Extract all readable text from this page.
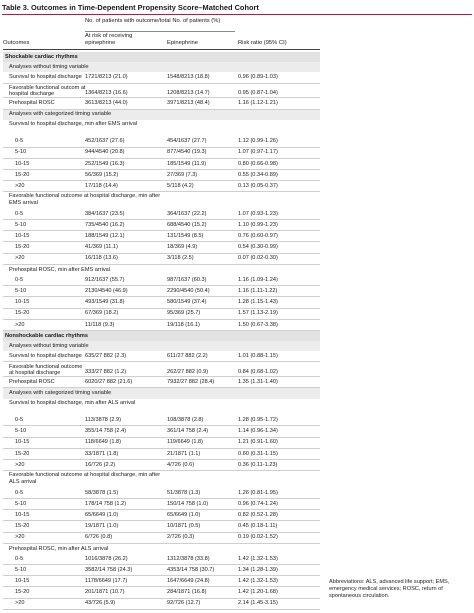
Table 3. Outcomes in Time-Dependent Propensity Score–Matched Cohort
No. of patients with outcome/total No. of patients (%)
At risk of receiving epinephrine
Outcomes	Epinephrine	Risk ratio (95% CI)
Shockable cardiac rhythms
Analyses without timing variable
Survival to hospital discharge 1721/8213 (21.0)	1548/8213 (18.8)	0.96 (0.89-1.03)
Favorable functional outcom at hospital discharge	1364/8213 (16.6)	1208/8213 (14.7)	0.95 (0.87-1.04)
Prehospital ROSC	3613/8213 (44.0)	3971/8213 (48.4)	1.16 (1.12-1.21)
Analyses with categorized timing variable
Survival to hospital discharge, min after EMS arrival
0-5	452/1637 (27.6)	454/1637 (27.7)	1.12 (0.99-1.26)
5-10	944/4540 (20.8)	877/4540 (19.3)	1.07 (0.97-1.17)
10-15	252/1549 (16.3)	185/1549 (11.9)	0.80 (0.66-0.98)
15-20	56/369 (15.2)	27/369 (7.3)	0.55 (0.34-0.89)
>20	17/118 (14.4)	5/118 (4.2)	0.13 (0.05-0.37)
Favorable functional outcome at hospital discharge, min after EMS arrival
0-5	384/1637 (23.5)	364/1637 (22.2)	1.07 (0.93-1.23)
5-10	735/4540 (16.2)	688/4540 (15.2)	1.10 (0.99-1.23)
10-15	188/1549 (12.1)	131/1549 (8.5)	0.76 (0.60-0.97)
15-20	41/369 (11.1)	18/369 (4.9)	0.54 (0.30-0.99)
>20	16/118 (13.6)	3/118 (2.5)	0.07 (0.02-0.30)
Prehospital ROSC, min after EMS arrival
0-5	912/1637 (55.7)	987/1637 (60.3)	1.16 (1.09-1.24)
5-10	2130/4540 (46.9)	2290/4540 (50.4)	1.16 (1.11-1.22)
10-15	493/1549 (31.8)	580/1549 (37.4)	1.28 (1.15-1.43)
15-20	67/369 (18.2)	95/369 (25.7)	1.57 (1.13-2.19)
>20	11/118 (9.3)	19/118 (16.1)	1.50 (0.67-3.38)
Nonshockable cardiac rhythms
Analyses without timing variable
Survival to hospital discharge 635/27 882 (2.3)	611/27 882 (2.2)	1.01 (0.88-1.15)
Favorable functional outcome at hospital discharge	333/27 882 (1.2)	262/27 882 (0.9)	0.84 (0.68-1.02)
Prehospital ROSC	6020/27 882 (21.6)	7932/27 882 (28.4)	1.35 (1.31-1.40)
Analyses with categorized timing variable
Survival to hospital discharge, min after ALS arrival
0-5	113/3878 (2.9)	108/3878 (2.8)	1.28 (0.95-1.72)
5-10	355/14 758 (2.4)	361/14 758 (2.4)	1.14 (0.96-1.34)
10-15	118/6649 (1.8)	119/6649 (1.8)	1.21 (0.91-1.60)
15-20	33/1871 (1.8)	21/1871 (1.1)	0.60 (0.31-1.15)
>20	16/726 (2.2)	4/726 (0.6)	0.36 (0.11-1.23)
Favorable functional outcome at hospital discharge, min after ALS arrival
0-5	58/3878 (1.5)	51/3878 (1.3)	1.26 (0.81-1.95)
5-10	178/14 758 (1.2)	150/14 758 (1.0)	0.96 (0.74-1.24)
10-15	65/6649 (1.0)	65/6649 (1.0)	0.82 (0.52-1.28)
15-20	19/1871 (1.0)	10/1871 (0.5)	0.45 (0.18-1.11)
>20	6/726 (0.8)	2/726 (0.3)	0.19 (0.02-1.52)
Prehospital ROSC, min after ALS arrival
0-5	1016/3878 (26.2)	1312/3878 (33.8)	1.42 (1.32-1.53)
5-10	3582/14 758 (24.3)	4353/14 758 (30.7)	1.34 (1.28-1.39)
10-15	1178/6649 (17.7)	1647/6649 (24.8)	1.42 (1.32-1.53)
15-20	201/1871 (10.7)	284/1871 (16.8)	1.42 (1.20-1.68)
>20	43/726 (5.9)	92/726 (12.7)	2.14 (1.45-3.15)
Abbreviations: ALS, advanced life support; EMS, emergency medical services; ROSC, return of spontaneous circulation.
